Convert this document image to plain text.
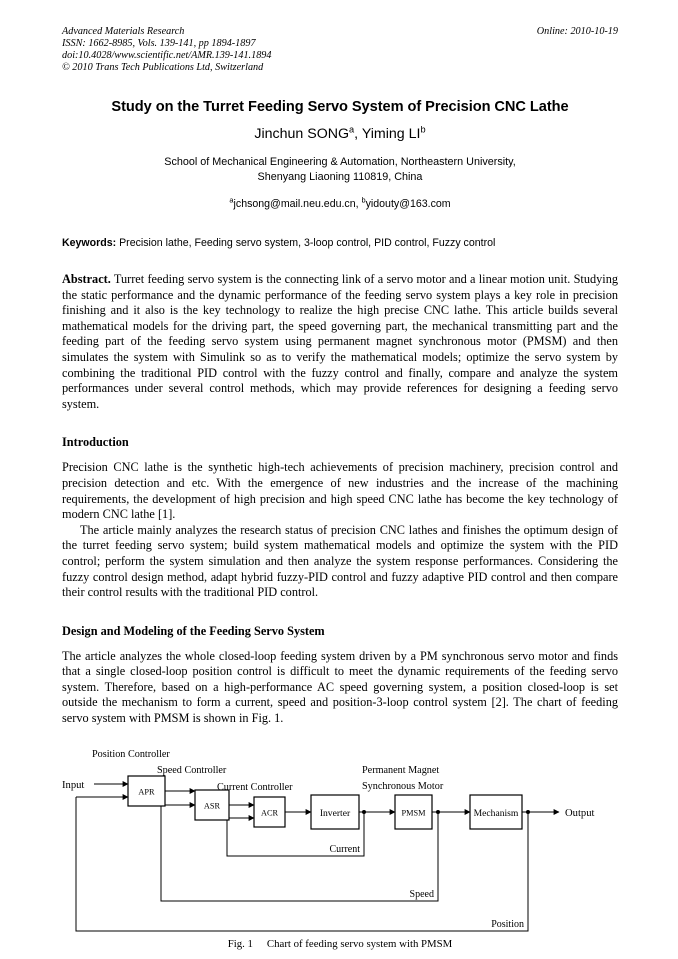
Advanced Materials Research
ISSN: 1662-8985, Vols. 139-141, pp 1894-1897
doi:10.4028/www.scientific.net/AMR.139-141.1894
© 2010 Trans Tech Publications Ltd, Switzerland
Online: 2010-10-19
Study on the Turret Feeding Servo System of Precision CNC Lathe
Jinchun SONG$^a$, Yiming $LI^b$
School of Mechanical Engineering & Automation, Northeastern University,
Shenyang Liaoning 110819, China
$^a$jchsong@mail.neu.edu.cn, $^b$yidouty@163.com
Keywords: Precision lathe, Feeding servo system, 3-loop control, PID control, Fuzzy control
Abstract. Turret feeding servo system is the connecting link of a servo motor and a linear motion unit. Studying the static performance and the dynamic performance of the feeding servo system plays a key role in precision finishing and it also is the key technology to realize the high precise CNC lathe. This article builds several mathematical models for the driving part, the speed governing part, the mechanical transmitting part and the feeding part of the feeding servo system using permanent magnet synchronous motor (PMSM) and then simulates the system with Simulink so as to verify the mathematical models; optimize the servo system by combining the traditional PID control with the fuzzy control and finally, compare and analyze the system performances under several control methods, which may provide references for designing a feeding servo system.
Introduction
Precision CNC lathe is the synthetic high-tech achievements of precision machinery, precision control and precision detection and etc. With the emergence of new industries and the increase of the machining requirements, the development of high precision and high speed CNC lathe has become the key technology of modern CNC lathe [1].
The article mainly analyzes the research status of precision CNC lathes and finishes the optimum design of the turret feeding servo system; build system mathematical models and optimize the system with the PID control; perform the system simulation and then analyze the system response performances. Considering the fuzzy control design method, adapt hybrid fuzzy-PID control and fuzzy adaptive PID control and then compare their control results with the traditional PID control.
Design and Modeling of the Feeding Servo System
The article analyzes the whole closed-loop feeding system driven by a PM synchronous servo motor and finds that a single closed-loop position control is difficult to meet the dynamic requirements of the feeding servo system. Therefore, based on a high-performance AC speed governing system, a position closed-loop is set outside the mechanism to form a current, speed and position-3-loop control system [2]. The chart of feeding servo system with PMSM is shown in Fig. 1.
APR
ASR
ACR	Inverter	PMSM	Mechanism
Position Controller
Speed Controller
Current Controller
Permanent Magnet
Synchronous Motor
Input
Output
Current
Speed
Position
Fig. 1 Chart of feeding servo system with PMSM
